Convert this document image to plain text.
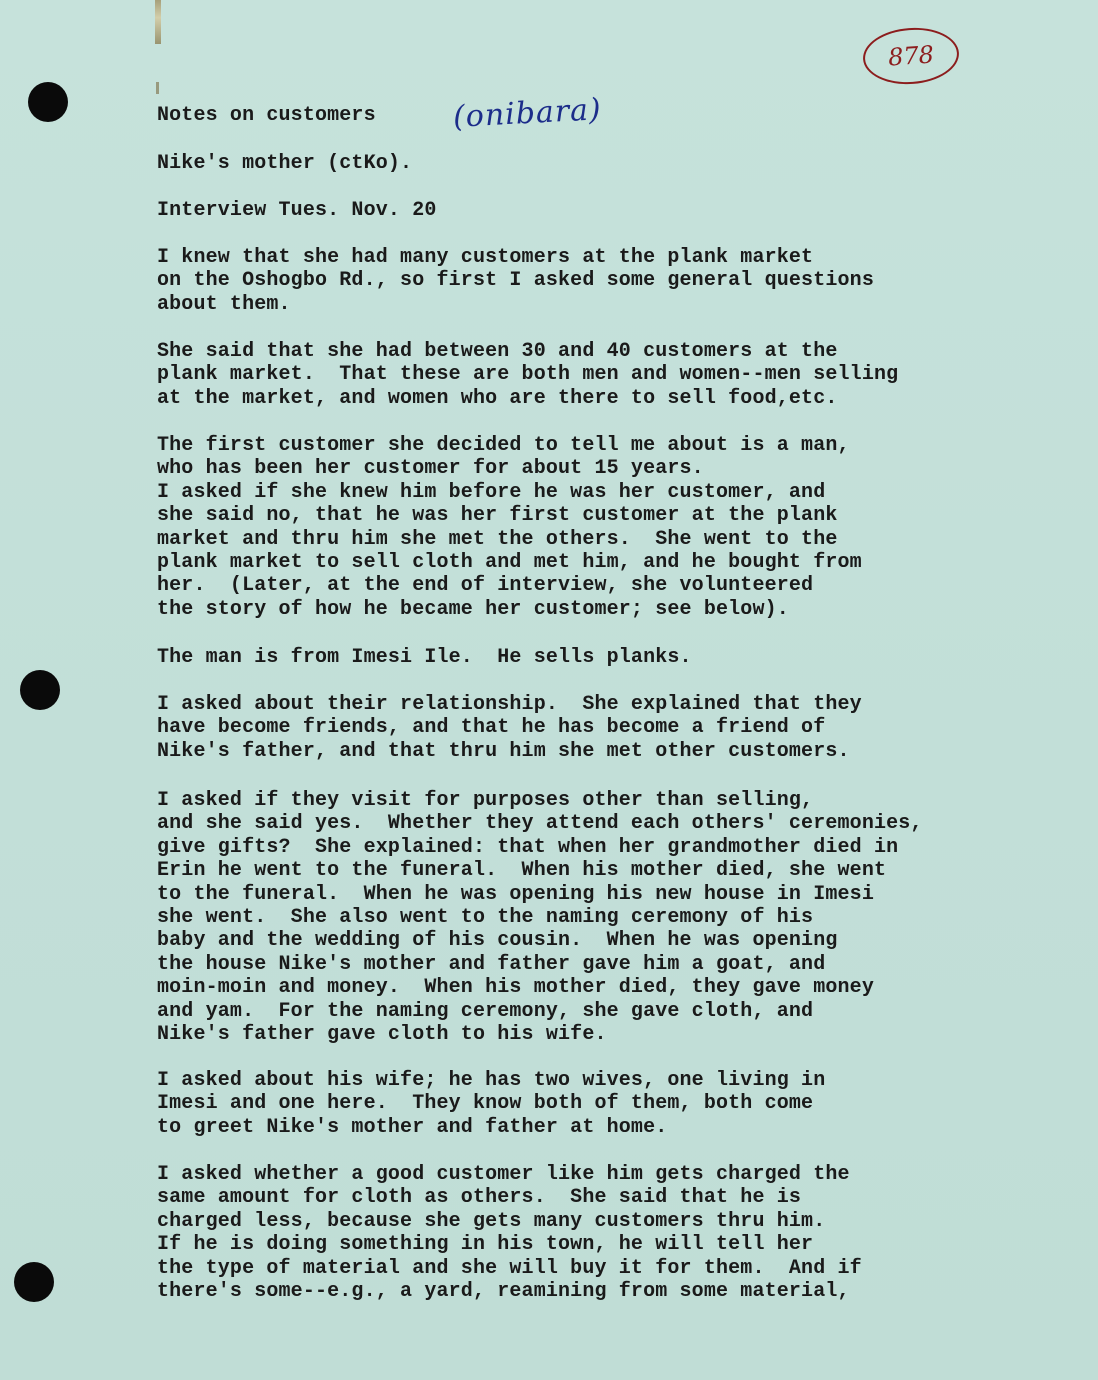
878
(onibara)
Notes on customers
Nike's mother (ctKo).
Interview Tues. Nov. 20
I knew that she had many customers at the plank market
on the Oshogbo Rd., so first I asked some general questions
about them.
She said that she had between 30 and 40 customers at the
plank market.  That these are both men and women--men selling
at the market, and women who are there to sell food,etc.
The first customer she decided to tell me about is a man,
who has been her customer for about 15 years.
I asked if she knew him before he was her customer, and
she said no, that he was her first customer at the plank
market and thru him she met the others.  She went to the
plank market to sell cloth and met him, and he bought from
her.  (Later, at the end of interview, she volunteered
the story of how he became her customer; see below).
The man is from Imesi Ile.  He sells planks.
I asked about their relationship.  She explained that they
have become friends, and that he has become a friend of
Nike's father, and that thru him she met other customers.
I asked if they visit for purposes other than selling,
and she said yes.  Whether they attend each others' ceremonies,
give gifts?  She explained: that when her grandmother died in
Erin he went to the funeral.  When his mother died, she went
to the funeral.  When he was opening his new house in Imesi
she went.  She also went to the naming ceremony of his
baby and the wedding of his cousin.  When he was opening
the house Nike's mother and father gave him a goat, and
moin-moin and money.  When his mother died, they gave money
and yam.  For the naming ceremony, she gave cloth, and
Nike's father gave cloth to his wife.
I asked about his wife; he has two wives, one living in
Imesi and one here.  They know both of them, both come
to greet Nike's mother and father at home.
I asked whether a good customer like him gets charged the
same amount for cloth as others.  She said that he is
charged less, because she gets many customers thru him.
If he is doing something in his town, he will tell her
the type of material and she will buy it for them.  And if
there's some--e.g., a yard, reamining from some material,
